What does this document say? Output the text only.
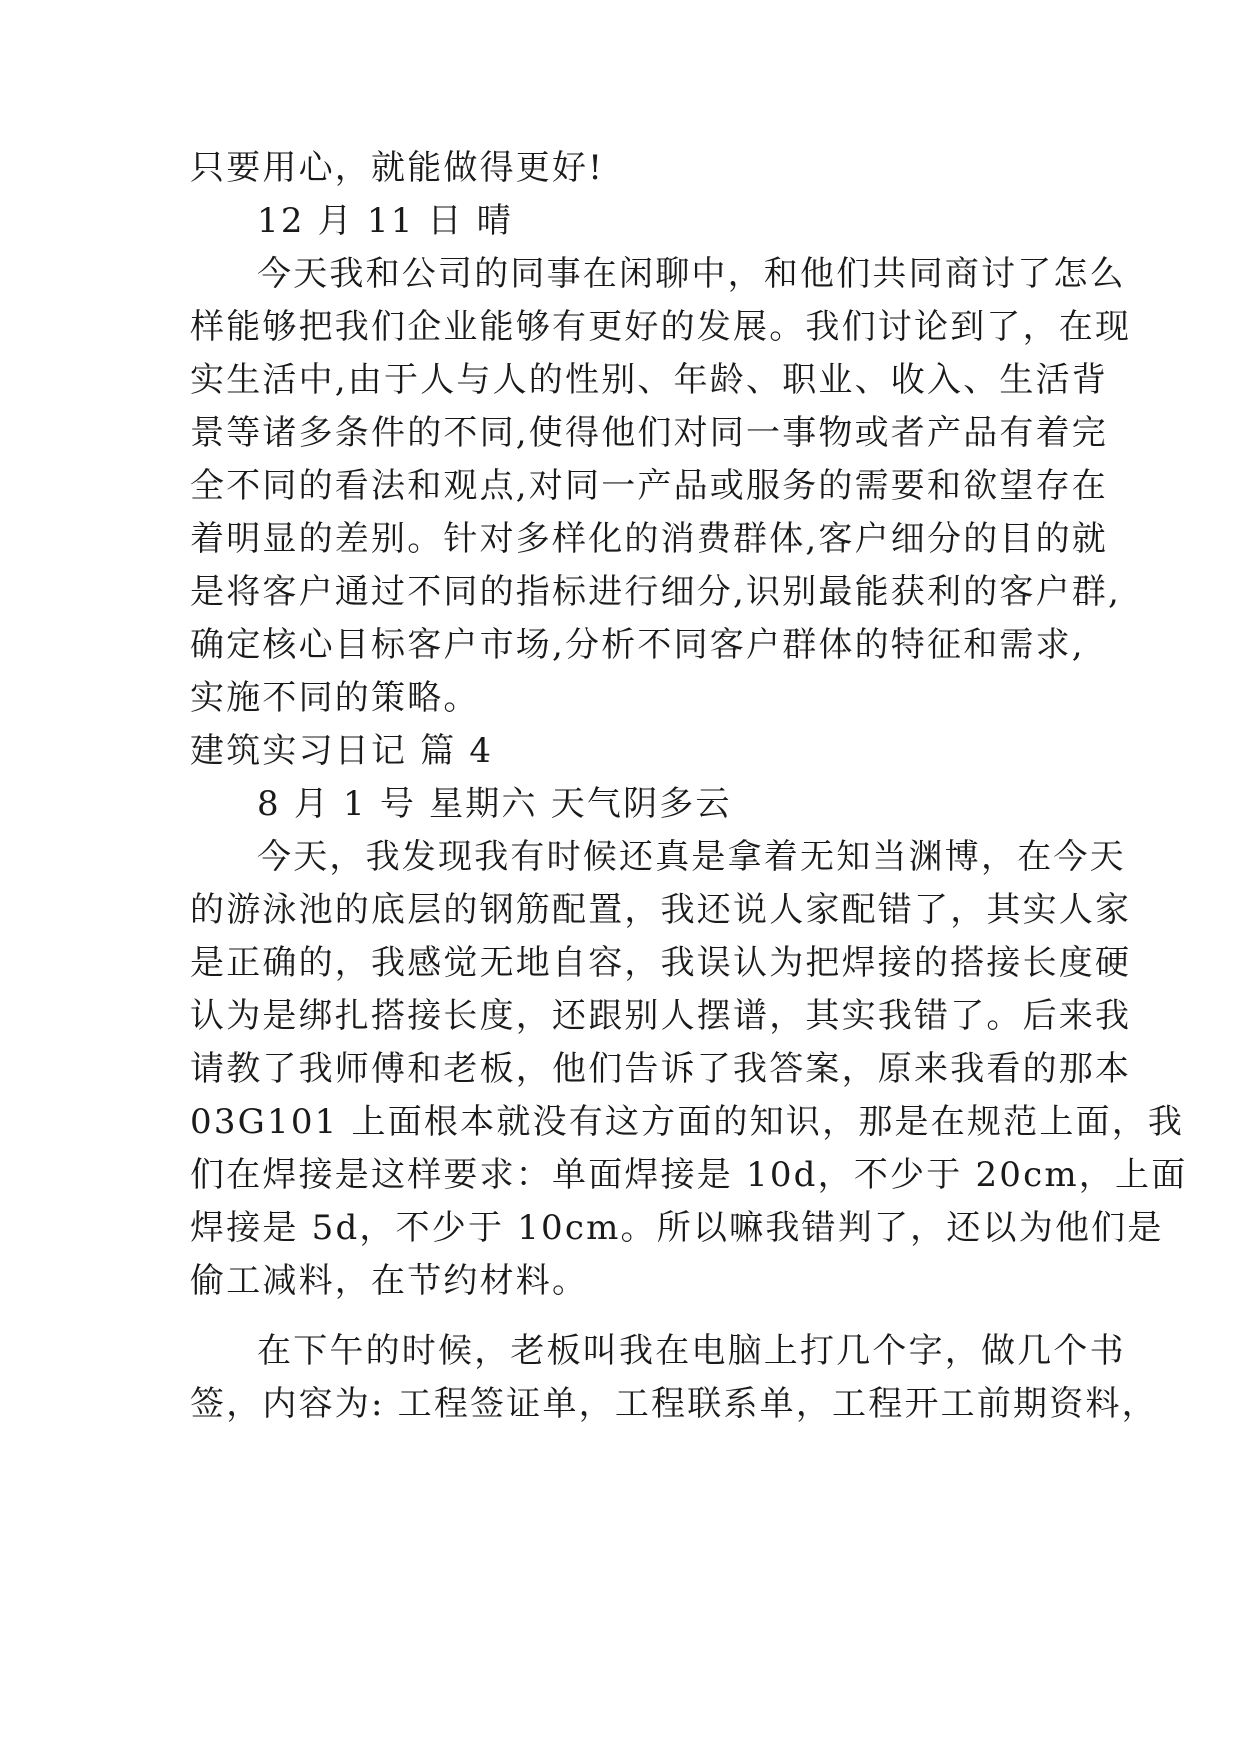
只要用心，就能做得更好!
12 月 11 日 晴
今天我和公司的同事在闲聊中，和他们共同商讨了怎么
样能够把我们企业能够有更好的发展。我们讨论到了，在现
实生活中,由于人与人的性别、年龄、职业、收入、生活背
景等诸多条件的不同,使得他们对同一事物或者产品有着完
全不同的看法和观点,对同一产品或服务的需要和欲望存在
着明显的差别。针对多样化的消费群体,客户细分的目的就
是将客户通过不同的指标进行细分,识别最能获利的客户群,
确定核心目标客户市场,分析不同客户群体的特征和需求,
实施不同的策略。
建筑实习日记 篇 4
8 月 1 号 星期六 天气阴多云
今天，我发现我有时候还真是拿着无知当渊博，在今天
的游泳池的底层的钢筋配置，我还说人家配错了，其实人家
是正确的，我感觉无地自容，我误认为把焊接的搭接长度硬
认为是绑扎搭接长度，还跟别人摆谱，其实我错了。后来我
请教了我师傅和老板，他们告诉了我答案，原来我看的那本
03G101 上面根本就没有这方面的知识，那是在规范上面，我
们在焊接是这样要求：单面焊接是 10d，不少于 20cm，上面
焊接是 5d，不少于 10cm。所以嘛我错判了，还以为他们是
偷工减料，在节约材料。
在下午的时候，老板叫我在电脑上打几个字，做几个书
签，内容为: 工程签证单，工程联系单，工程开工前期资料，
